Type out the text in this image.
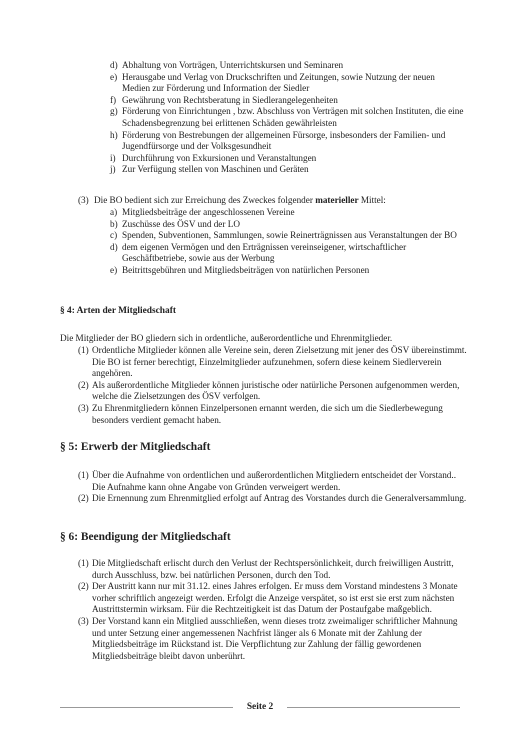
d) Abhaltung von Vorträgen, Unterrichtskursen und Seminaren
e) Herausgabe und Verlag von Druckschriften und Zeitungen, sowie Nutzung der neuen Medien zur Förderung und Information der Siedler
f) Gewährung von Rechtsberatung in Siedlerangelegenheiten
g) Förderung von Einrichtungen , bzw. Abschluss von Verträgen mit solchen Instituten, die eine Schadensbegrenzung bei erlittenen Schäden gewährleisten
h) Förderung von Bestrebungen der allgemeinen Fürsorge, insbesonders der Familien- und Jugendfürsorge und der Volksgesundheit
i) Durchführung von Exkursionen und Veranstaltungen
j) Zur Verfügung stellen von Maschinen und Geräten
(3) Die BO bedient sich zur Erreichung des Zweckes folgender materieller Mittel:
a) Mitgliedsbeiträge der angeschlossenen Vereine
b) Zuschüsse des ÖSV und der LO
c) Spenden, Subventionen, Sammlungen, sowie Reinerträgnissen aus Veranstaltungen der BO
d) dem eigenen Vermögen und den Erträgnissen vereinseigener, wirtschaftlicher Geschäftbetriebe, sowie aus der Werbung
e) Beitrittsgebühren und Mitgliedsbeiträgen von natürlichen Personen
§ 4: Arten der Mitgliedschaft
Die Mitglieder der BO gliedern sich in ordentliche, außerordentliche und Ehrenmitglieder.
(1) Ordentliche Mitglieder können alle Vereine sein, deren Zielsetzung mit jener des ÖSV übereinstimmt. Die BO ist ferner berechtigt, Einzelmitglieder aufzunehmen, sofern diese keinem Siedlerverein angehören.
(2) Als außerordentliche Mitglieder können juristische oder natürliche Personen aufgenommen werden, welche die Zielsetzungen des ÖSV verfolgen.
(3) Zu Ehrenmitgliedern können Einzelpersonen ernannt werden, die sich um die Siedlerbewegung besonders verdient gemacht haben.
§ 5: Erwerb der Mitgliedschaft
(1) Über die Aufnahme von ordentlichen und außerordentlichen Mitgliedern entscheidet der Vorstand.. Die Aufnahme kann ohne Angabe von Gründen verweigert werden.
(2) Die Ernennung zum Ehrenmitglied erfolgt auf Antrag des Vorstandes durch die Generalversammlung.
§ 6: Beendigung der Mitgliedschaft
(1) Die Mitgliedschaft erlischt durch den Verlust der Rechtspersönlichkeit, durch freiwilligen Austritt, durch Ausschluss, bzw. bei natürlichen Personen, durch den Tod.
(2) Der Austritt kann nur mit 31.12. eines Jahres erfolgen. Er muss dem Vorstand mindestens 3 Monate vorher schriftlich angezeigt werden. Erfolgt die Anzeige verspätet, so ist erst sie erst zum nächsten Austrittstermin wirksam. Für die Rechtzeitigkeit ist das Datum der Postaufgabe maßgeblich.
(3) Der Vorstand kann ein Mitglied ausschließen, wenn dieses trotz zweimaliger schriftlicher Mahnung und unter Setzung einer angemessenen Nachfrist länger als 6 Monate mit der Zahlung der Mitgliedsbeiträge im Rückstand ist. Die Verpflichtung zur Zahlung der fällig gewordenen Mitgliedsbeiträge bleibt davon unberührt.
Seite 2
